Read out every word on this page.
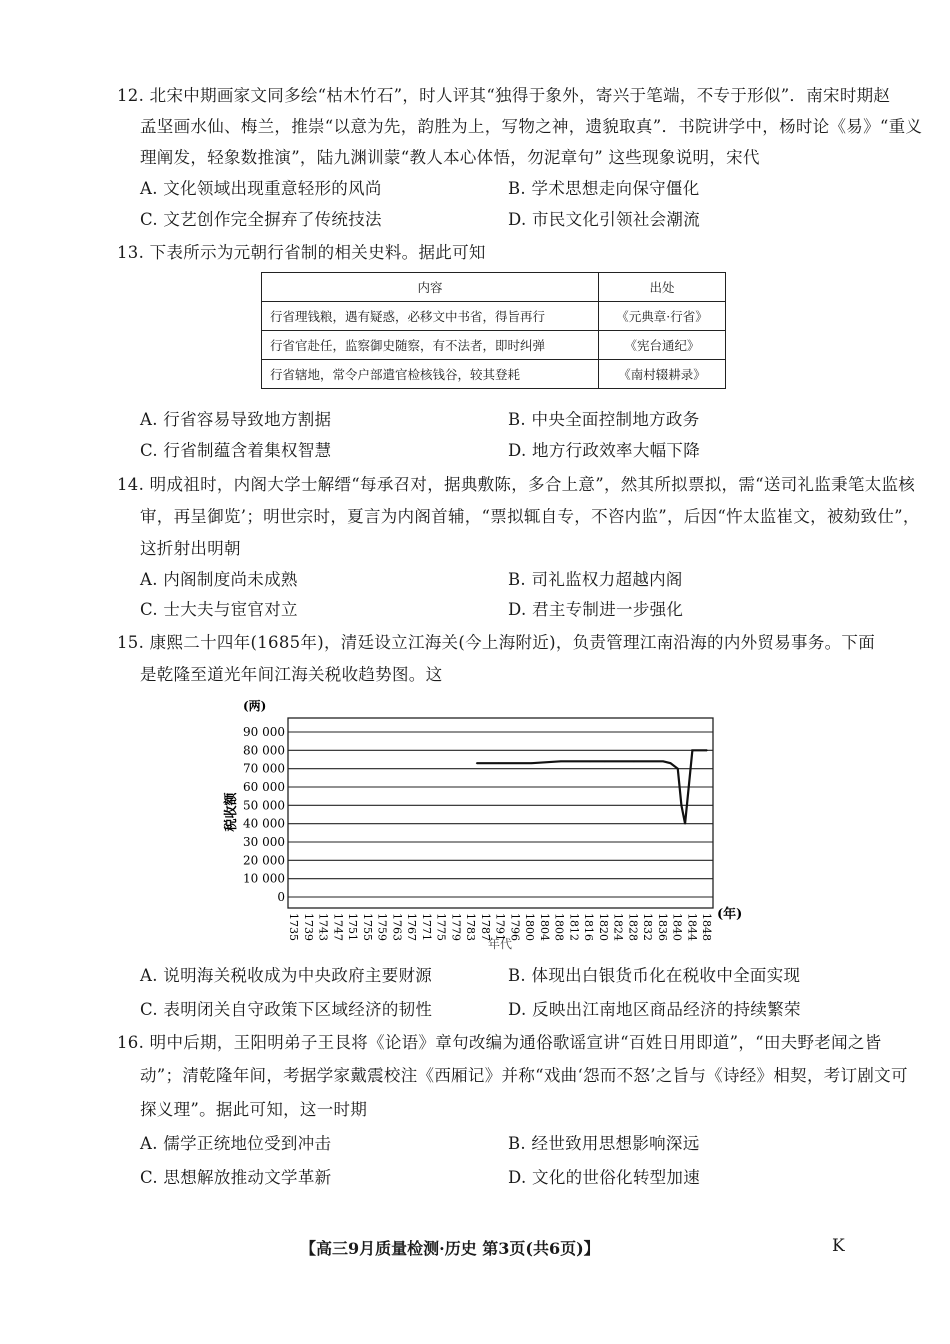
12. 北宋中期画家文同多绘“枯木竹石”，时人评其“独得于象外，寄兴于笔端，不专于形似”．南宋时期赵
孟坚画水仙、梅兰，推崇“以意为先，韵胜为上，写物之神，遗貌取真”．书院讲学中，杨时论《易》“重义
理阐发，轻象数推演”，陆九渊训蒙“教人本心体悟，勿泥章句” 这些现象说明，宋代
A. 文化领域出现重意轻形的风尚	B. 学术思想走向保守僵化
C. 文艺创作完全摒弃了传统技法	D. 市民文化引领社会潮流
13. 下表所示为元朝行省制的相关史料。据此可知
内容	出处
行省理钱粮，遇有疑惑，必移文中书省，得旨再行	《元典章·行省》
行省官赴任，监察御史随察，有不法者，即时纠弹	《宪台通纪》
行省辖地，常令户部遣官检核钱谷，较其登耗	《南村辍耕录》
A. 行省容易导致地方割据	B. 中央全面控制地方政务
C. 行省制蕴含着集权智慧	D. 地方行政效率大幅下降
14. 明成祖时，内阁大学士解缙“每承召对，据典敷陈，多合上意”，然其所拟票拟，需“送司礼监秉笔太监核
审，再呈御览’；明世宗时，夏言为内阁首辅，“票拟辄自专，不咨内监”，后因“忤太监崔文，被劾致仕”，
这折射出明朝
A. 内阁制度尚未成熟	B. 司礼监权力超越内阁
C. 士大夫与宦官对立	D. 君主专制进一步强化
15. 康熙二十四年(1685年)，清廷设立江海关(今上海附近)，负责管理江南沿海的内外贸易事务。下面
是乾隆至道光年间江海关税收趋势图。这
(两)
税收额
年代
90 000
80 000
70 000
60 000
50 000
40 000
30 000
20 000
10 000
0
1735 1739 1743 1747 1751 1755 1759 1763 1767 1771 1775 1779 1783 1787 1791 1796 1800 1804 1808 1812 1816 1820 1824 1828 1832 1836 1840 1844 1848 (年)
A. 说明海关税收成为中央政府主要财源	B. 体现出白银货币化在税收中全面实现
C. 表明闭关自守政策下区域经济的韧性	D. 反映出江南地区商品经济的持续繁荣
16. 明中后期，王阳明弟子王艮将《论语》章句改编为通俗歌谣宣讲“百姓日用即道”，“田夫野老闻之皆
动”；清乾隆年间，考据学家戴震校注《西厢记》并称“戏曲‘怨而不怒’之旨与《诗经》相契，考订剧文可
探义理”。据此可知，这一时期
A. 儒学正统地位受到冲击	B. 经世致用思想影响深远
C. 思想解放推动文学革新	D. 文化的世俗化转型加速
【高三9月质量检测·历史 第3页(共6页)】	K
